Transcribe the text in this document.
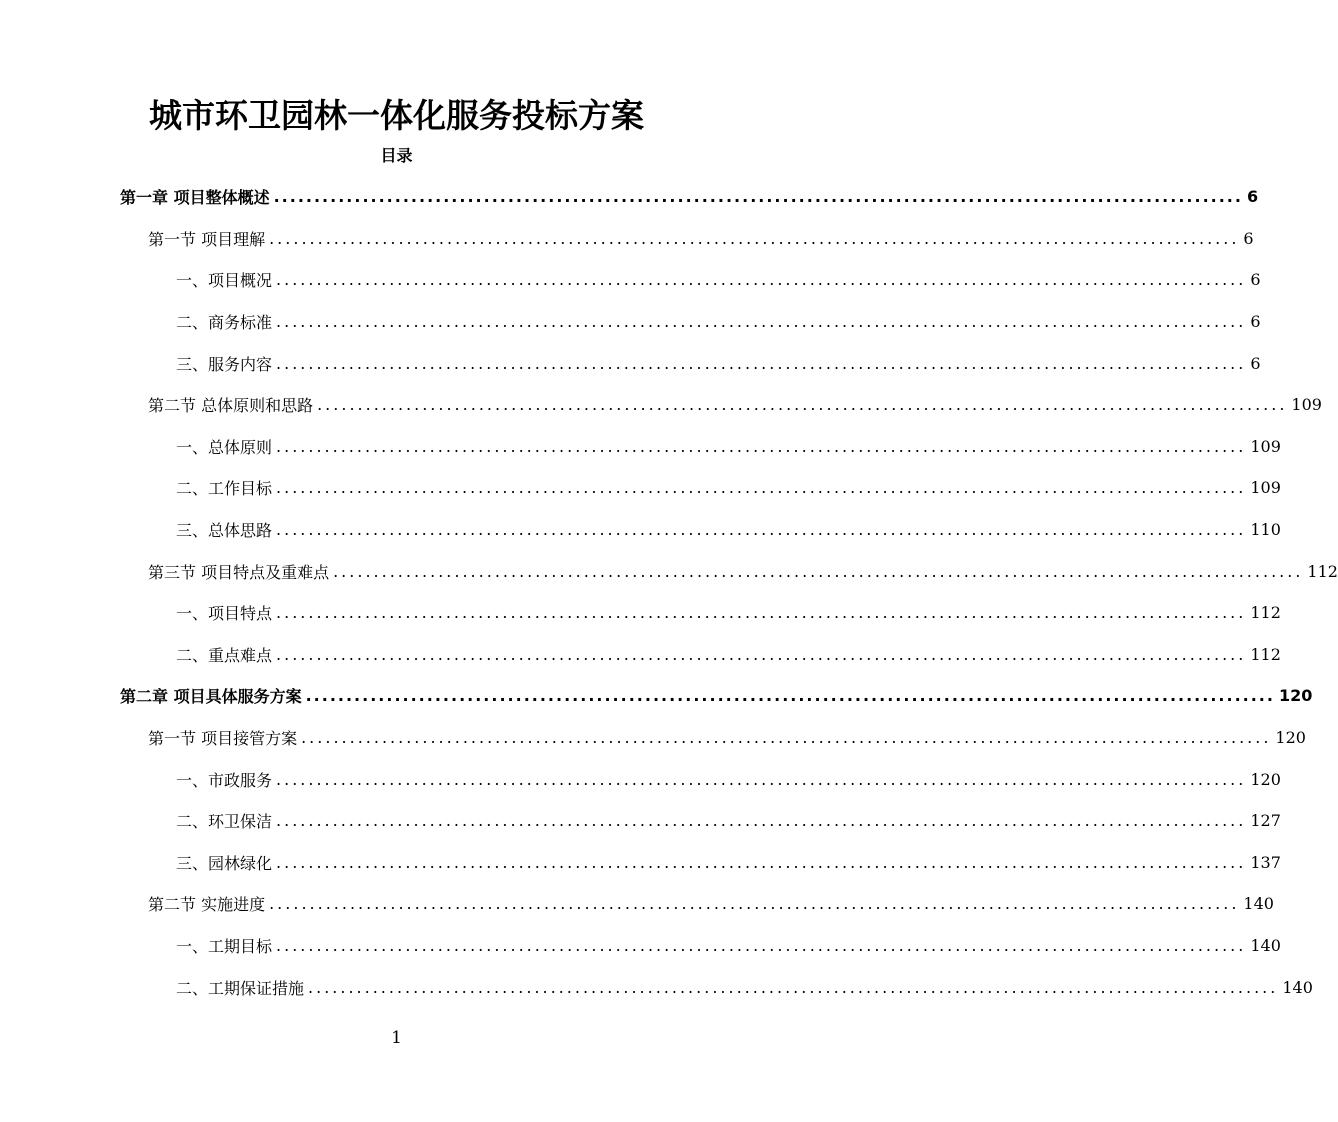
城市环卫园林一体化服务投标方案
目录
第一章 项目整体概述 ........................................................................................................................ 6
第一节 项目理解 ........................................................................................................................ 6
一、项目概况 ........................................................................................................................ 6
二、商务标准 ........................................................................................................................ 6
三、服务内容 ........................................................................................................................ 6
第二节 总体原则和思路 ........................................................................................................................ 109
一、总体原则 ........................................................................................................................ 109
二、工作目标 ........................................................................................................................ 109
三、总体思路 ........................................................................................................................ 110
第三节 项目特点及重难点 ........................................................................................................................ 112
一、项目特点 ........................................................................................................................ 112
二、重点难点 ........................................................................................................................ 112
第二章 项目具体服务方案 ........................................................................................................................ 120
第一节 项目接管方案 ........................................................................................................................ 120
一、市政服务 ........................................................................................................................ 120
二、环卫保洁 ........................................................................................................................ 127
三、园林绿化 ........................................................................................................................ 137
第二节 实施进度 ........................................................................................................................ 140
一、工期目标 ........................................................................................................................ 140
二、工期保证措施 ........................................................................................................................ 140
1
